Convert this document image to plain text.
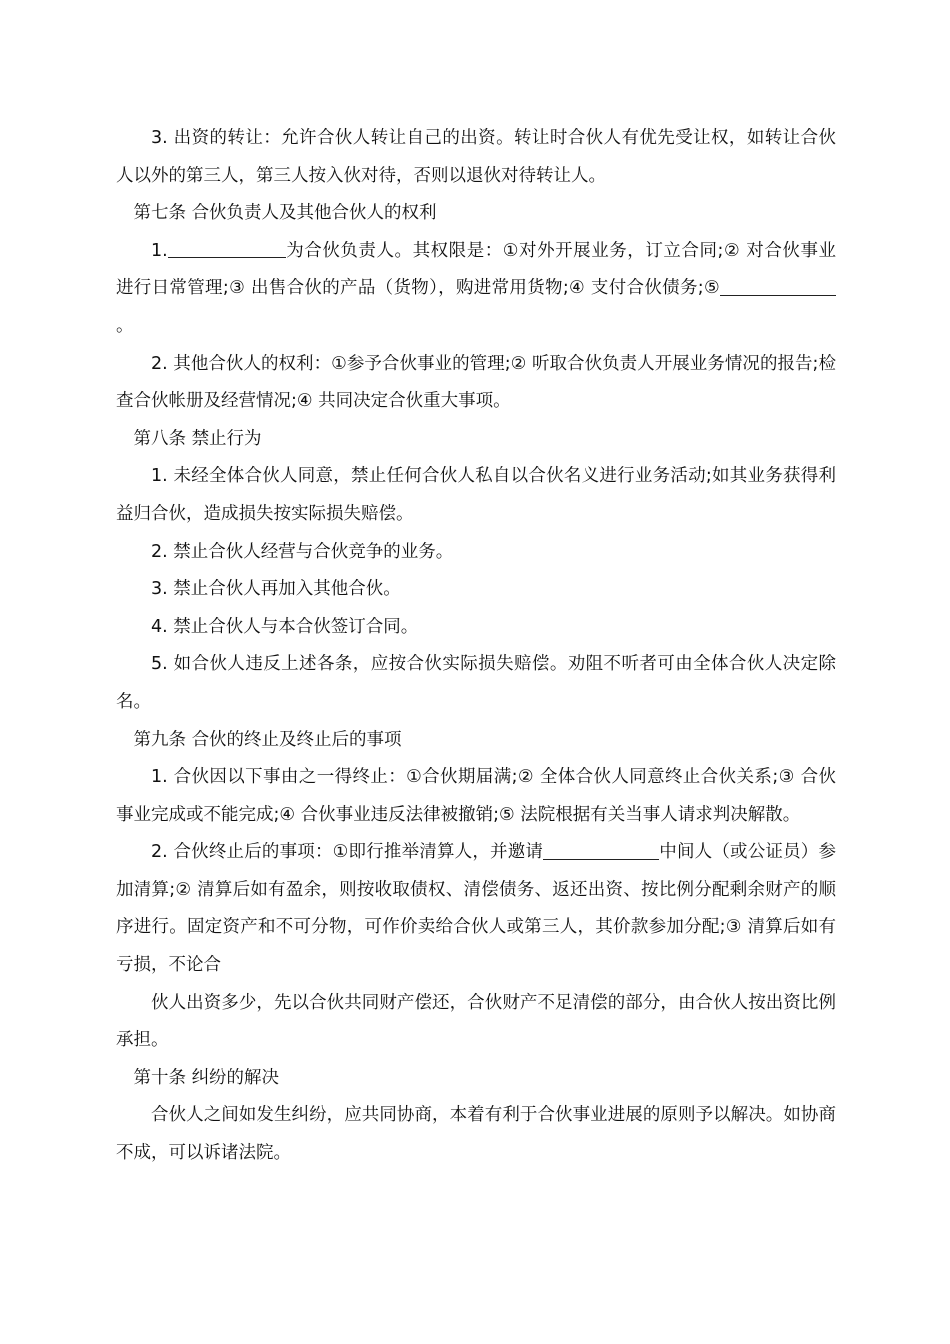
3. 出资的转让：允许合伙人转让自己的出资。转让时合伙人有优先受让权，如转让合伙人以外的第三人，第三人按入伙对待，否则以退伙对待转让人。

第七条 合伙负责人及其他合伙人的权利

1.	为合伙负责人。其权限是：①对外开展业务，订立合同;② 对合伙事业进行日常管理;③ 出售合伙的产品（货物），购进常用货物;④ 支付合伙债务;⑤。

2. 其他合伙人的权利：①参予合伙事业的管理;② 听取合伙负责人开展业务情况的报告;检查合伙帐册及经营情况;④ 共同决定合伙重大事项。

第八条 禁止行为

1. 未经全体合伙人同意，禁止任何合伙人私自以合伙名义进行业务活动;如其业务获得利益归合伙，造成损失按实际损失赔偿。

2. 禁止合伙人经营与合伙竞争的业务。

3. 禁止合伙人再加入其他合伙。

4. 禁止合伙人与本合伙签订合同。

5. 如合伙人违反上述各条，应按合伙实际损失赔偿。劝阻不听者可由全体合伙人决定除名。

第九条 合伙的终止及终止后的事项

1. 合伙因以下事由之一得终止：①合伙期届满;② 全体合伙人同意终止合伙关系;③ 合伙事业完成或不能完成;④ 合伙事业违反法律被撤销;⑤ 法院根据有关当事人请求判决解散。

2. 合伙终止后的事项：①即行推举清算人，并邀请	中间人（或公证员）参加清算;② 清算后如有盈余，则按收取债权、清偿债务、返还出资、按比例分配剩余财产的顺序进行。固定资产和不可分物，可作价卖给合伙人或第三人，其价款参加分配;③ 清算后如有亏损，不论合

伙人出资多少，先以合伙共同财产偿还，合伙财产不足清偿的部分，由合伙人按出资比例承担。

第十条 纠纷的解决

合伙人之间如发生纠纷，应共同协商，本着有利于合伙事业进展的原则予以解决。如协商不成，可以诉诸法院。
